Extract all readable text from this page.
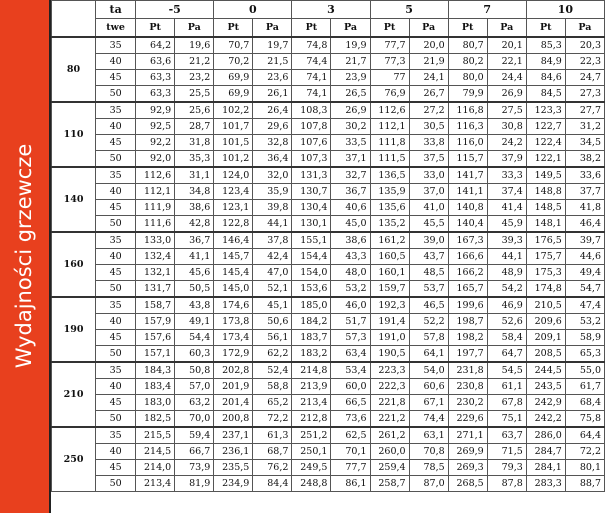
Wydajności grzewcze
	ta	-5		0		3		5		7		10	
	twe	Pt	Pa	Pt	Pa	Pt	Pa	Pt	Pa	Pt	Pa	Pt	Pa
80	35	64,2	19,6	70,7	19,7	74,8	19,9	77,7	20,0	80,7	20,1	85,3	20,3
	40	63,6	21,2	70,2	21,5	74,4	21,7	77,3	21,9	80,2	22,1	84,9	22,3
	45	63,3	23,2	69,9	23,6	74,1	23,9	77	24,1	80,0	24,4	84,6	24,7
	50	63,3	25,5	69,9	26,1	74,1	26,5	76,9	26,7	79,9	26,9	84,5	27,3
110	35	92,9	25,6	102,2	26,4	108,3	26,9	112,6	27,2	116,8	27,5	123,3	27,7
	40	92,5	28,7	101,7	29,6	107,8	30,2	112,1	30,5	116,3	30,8	122,7	31,2
	45	92,2	31,8	101,5	32,8	107,6	33,5	111,8	33,8	116,0	24,2	122,4	34,5
	50	92,0	35,3	101,2	36,4	107,3	37,1	111,5	37,5	115,7	37,9	122,1	38,2
140	35	112,6	31,1	124,0	32,0	131,3	32,7	136,5	33,0	141,7	33,3	149,5	33,6
	40	112,1	34,8	123,4	35,9	130,7	36,7	135,9	37,0	141,1	37,4	148,8	37,7
	45	111,9	38,6	123,1	39,8	130,4	40,6	135,6	41,0	140,8	41,4	148,5	41,8
	50	111,6	42,8	122,8	44,1	130,1	45,0	135,2	45,5	140,4	45,9	148,1	46,4
160	35	133,0	36,7	146,4	37,8	155,1	38,6	161,2	39,0	167,3	39,3	176,5	39,7
	40	132,4	41,1	145,7	42,4	154,4	43,3	160,5	43,7	166,6	44,1	175,7	44,6
	45	132,1	45,6	145,4	47,0	154,0	48,0	160,1	48,5	166,2	48,9	175,3	49,4
	50	131,7	50,5	145,0	52,1	153,6	53,2	159,7	53,7	165,7	54,2	174,8	54,7
190	35	158,7	43,8	174,6	45,1	185,0	46,0	192,3	46,5	199,6	46,9	210,5	47,4
	40	157,9	49,1	173,8	50,6	184,2	51,7	191,4	52,2	198,7	52,6	209,6	53,2
	45	157,6	54,4	173,4	56,1	183,7	57,3	191,0	57,8	198,2	58,4	209,1	58,9
	50	157,1	60,3	172,9	62,2	183,2	63,4	190,5	64,1	197,7	64,7	208,5	65,3
210	35	184,3	50,8	202,8	52,4	214,8	53,4	223,3	54,0	231,8	54,5	244,5	55,0
	40	183,4	57,0	201,9	58,8	213,9	60,0	222,3	60,6	230,8	61,1	243,5	61,7
	45	183,0	63,2	201,4	65,2	213,4	66,5	221,8	67,1	230,2	67,8	242,9	68,4
	50	182,5	70,0	200,8	72,2	212,8	73,6	221,2	74,4	229,6	75,1	242,2	75,8
250	35	215,5	59,4	237,1	61,3	251,2	62,5	261,2	63,1	271,1	63,7	286,0	64,4
	40	214,5	66,7	236,1	68,7	250,1	70,1	260,0	70,8	269,9	71,5	284,7	72,2
	45	214,0	73,9	235,5	76,2	249,5	77,7	259,4	78,5	269,3	79,3	284,1	80,1
	50	213,4	81,9	234,9	84,4	248,8	86,1	258,7	87,0	268,5	87,8	283,3	88,7
